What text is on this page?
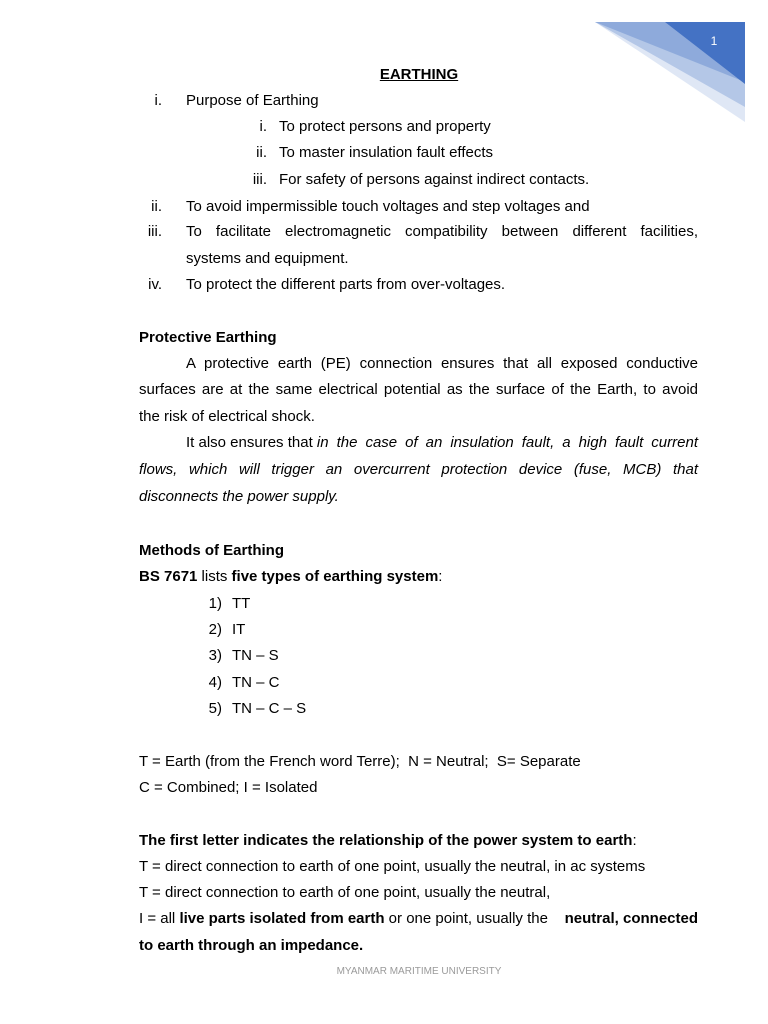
1
EARTHING
i. Purpose of Earthing
i. To protect persons and property
ii. To master insulation fault effects
iii. For safety of persons against indirect contacts.
ii. To avoid impermissible touch voltages and step voltages and
iii. To facilitate electromagnetic compatibility between different facilities,
systems and equipment.
iv. To protect the different parts from over-voltages.
Protective Earthing
A protective earth (PE) connection ensures that all exposed conductive
surfaces are at the same electrical potential as the surface of the Earth, to avoid
the risk of electrical shock.
It also ensures that in the case of an insulation fault, a high fault current
flows, which will trigger an overcurrent protection device (fuse, MCB) that
disconnects the power supply.
Methods of Earthing
BS 7671 lists five types of earthing system:
1) TT
2) IT
3) TN – S
4) TN – C
5) TN – C – S
T = Earth (from the French word Terre);  N = Neutral;  S= Separate
C = Combined; I = Isolated
The first letter indicates the relationship of the power system to earth:
T = direct connection to earth of one point, usually the neutral, in ac systems
T = direct connection to earth of one point, usually the neutral,
I = all live parts isolated from earth or one point, usually the neutral, connected
to earth through an impedance.
MYANMAR MARITIME UNIVERSITY
